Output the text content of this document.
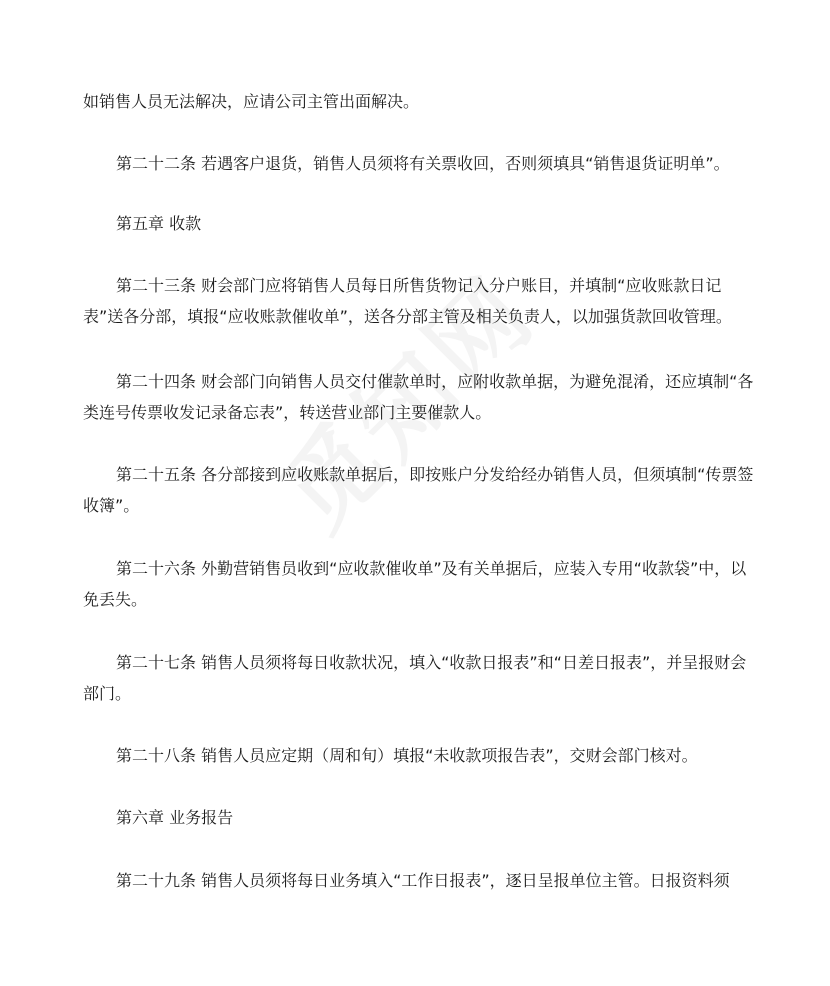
如销售人员无法解决，应请公司主管出面解决。

第二十二条 若遇客户退货，销售人员须将有关票收回，否则须填具“销售退货证明单”。

第五章 收款

第二十三条 财会部门应将销售人员每日所售货物记入分户账目，并填制“应收账款日记表”送各分部，填报“应收账款催收单”，送各分部主管及相关负责人，以加强货款回收管理。

第二十四条 财会部门向销售人员交付催款单时，应附收款单据，为避免混淆，还应填制“各类连号传票收发记录备忘表”，转送营业部门主要催款人。

第二十五条 各分部接到应收账款单据后，即按账户分发给经办销售人员，但须填制“传票签收簿”。

第二十六条 外勤营销售员收到“应收款催收单”及有关单据后，应装入专用“收款袋”中，以免丢失。

第二十七条 销售人员须将每日收款状况，填入“收款日报表”和“日差日报表”，并呈报财会部门。

第二十八条 销售人员应定期（周和旬）填报“未收款项报告表”，交财会部门核对。

第六章 业务报告

第二十九条 销售人员须将每日业务填入“工作日报表”，逐日呈报单位主管。日报资料须
